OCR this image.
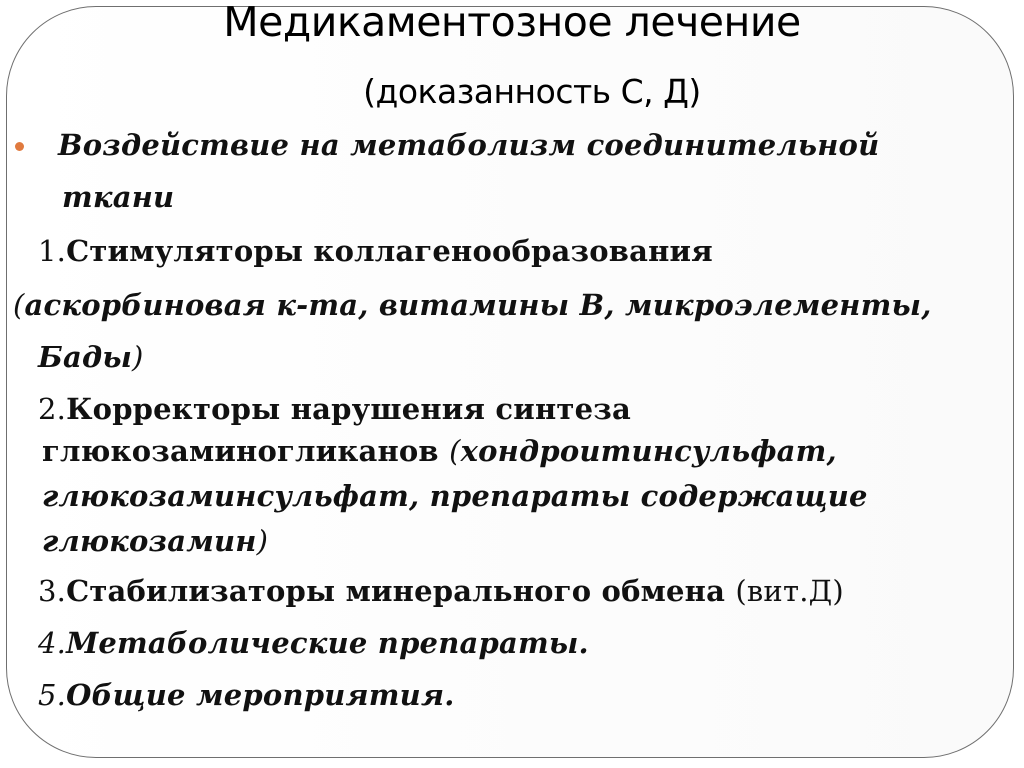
Медикаментозное лечение
(доказанность С, Д)
Воздействие на метаболизм соединительной
ткани
1.Стимуляторы коллагенообразования
(аскорбиновая к-та, витамины В, микроэлементы,
Бады)
2.Корректоры нарушения синтеза
глюкозаминогликанов (хондроитинсульфат,
глюкозаминсульфат, препараты содержащие
глюкозамин)
3.Стабилизаторы минерального обмена (вит.Д)
4.Метаболические препараты.
5.Общие мероприятия.
